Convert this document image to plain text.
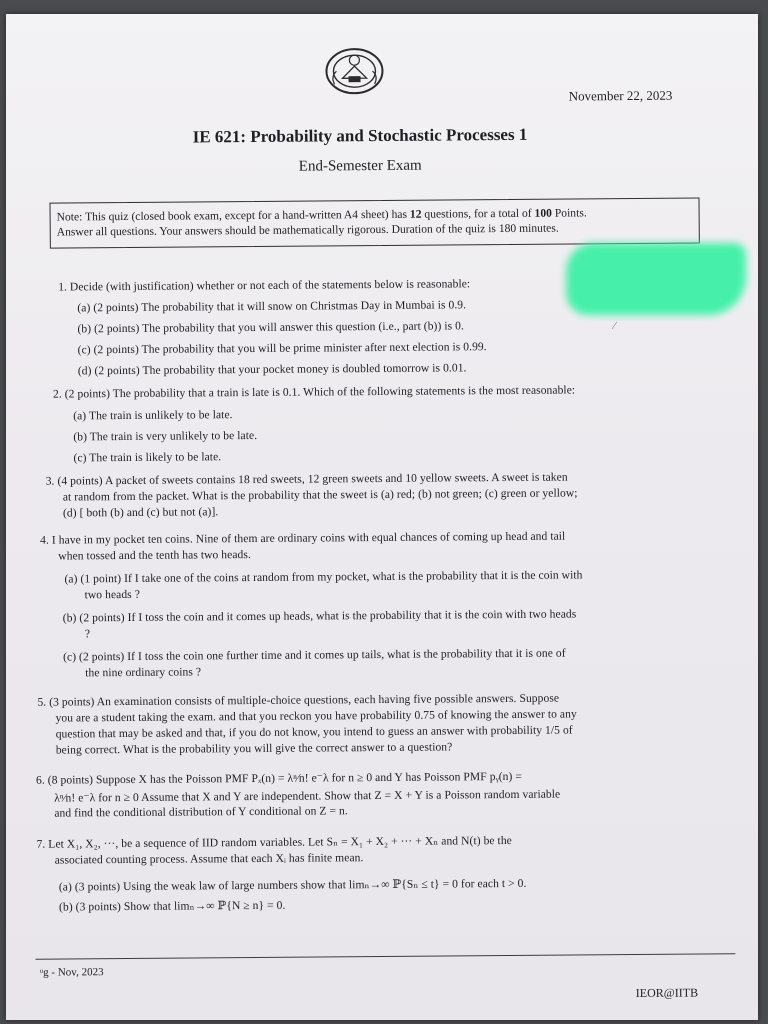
November 22, 2023
IE 621: Probability and Stochastic Processes 1
End-Semester Exam
Note: This quiz (closed book exam, except for a hand-written A4 sheet) has 12 questions, for a total of 100 Points.
Answer all questions. Your answers should be mathematically rigorous. Duration of the quiz is 180 minutes.
∕
1. Decide (with justification) whether or not each of the statements below is reasonable:
(a) (2 points) The probability that it will snow on Christmas Day in Mumbai is 0.9.
(b) (2 points) The probability that you will answer this question (i.e., part (b)) is 0.
(c) (2 points) The probability that you will be prime minister after next election is 0.99.
(d) (2 points) The probability that your pocket money is doubled tomorrow is 0.01.
2. (2 points) The probability that a train is late is 0.1. Which of the following statements is the most reasonable:
(a) The train is unlikely to be late.
(b) The train is very unlikely to be late.
(c) The train is likely to be late.
3. (4 points) A packet of sweets contains 18 red sweets, 12 green sweets and 10 yellow sweets. A sweet is taken
at random from the packet. What is the probability that the sweet is (a) red; (b) not green; (c) green or yellow;
(d) [ both (b) and (c) but not (a)].
4. I have in my pocket ten coins. Nine of them are ordinary coins with equal chances of coming up head and tail
when tossed and the tenth has two heads.
(a) (1 point) If I take one of the coins at random from my pocket, what is the probability that it is the coin with
two heads ?
(b) (2 points) If I toss the coin and it comes up heads, what is the probability that it is the coin with two heads
?
(c) (2 points) If I toss the coin one further time and it comes up tails, what is the probability that it is one of
the nine ordinary coins ?
5. (3 points) An examination consists of multiple-choice questions, each having five possible answers. Suppose
you are a student taking the exam. and that you reckon you have probability 0.75 of knowing the answer to any
question that may be asked and that, if you do not know, you intend to guess an answer with probability 1/5 of
being correct. What is the probability you will give the correct answer to a question?
6. (8 points) Suppose X has the Poisson PMF Pₓ(n) = λⁿ⁄n! e⁻λ for n ≥ 0 and Y has Poisson PMF pᵧ(n) =
λⁿ⁄n! e⁻λ for n ≥ 0 Assume that X and Y are independent. Show that Z = X + Y is a Poisson random variable
and find the conditional distribution of Y conditional on Z = n.
7. Let X₁, X₂, ···, be a sequence of IID random variables. Let Sₙ = X₁ + X₂ + ··· + Xₙ and N(t) be the
associated counting process. Assume that each Xᵢ has finite mean.
(a) (3 points) Using the weak law of large numbers show that limₙ→∞ ℙ{Sₙ ≤ t} = 0 for each t > 0.
(b) (3 points) Show that limₙ→∞ ℙ{N ≥ n} = 0.
ᵘg - Nov, 2023
IEOR@IITB
